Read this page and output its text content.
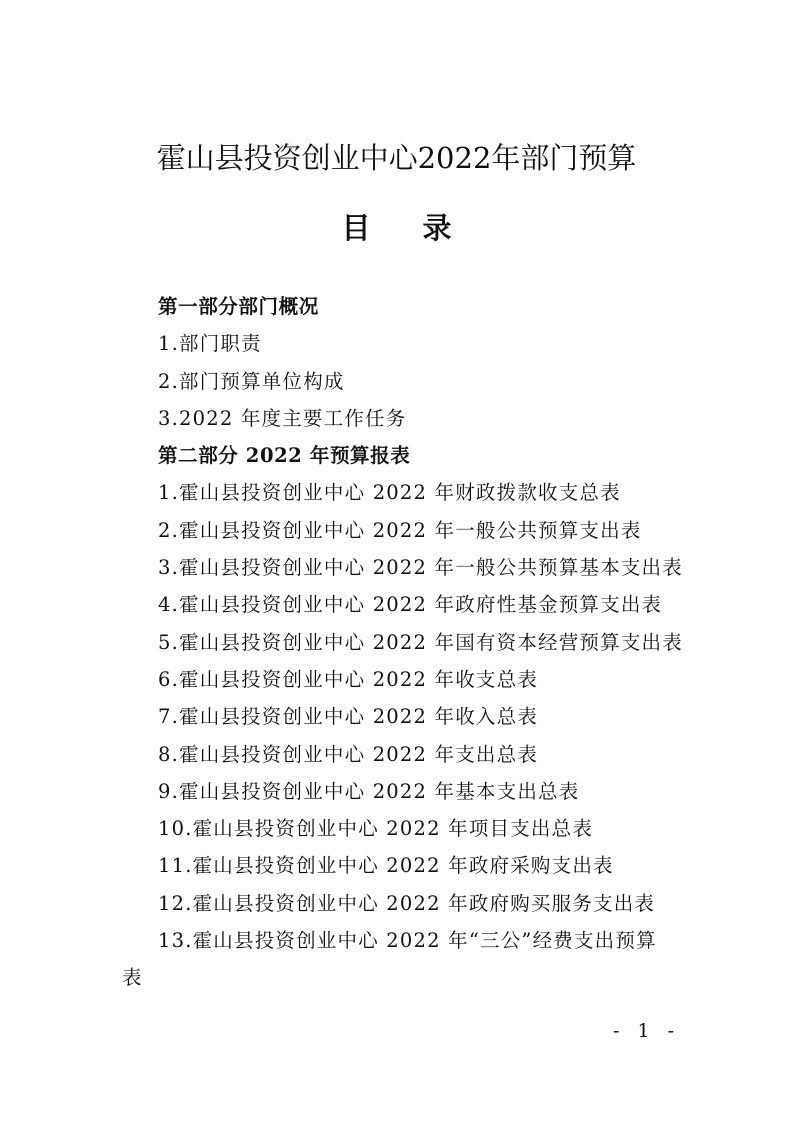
霍山县投资创业中心2022年部门预算
目录
第一部分部门概况
1.部门职责
2.部门预算单位构成
3.2022 年度主要工作任务
第二部分 2022 年预算报表
1.霍山县投资创业中心 2022 年财政拨款收支总表
2.霍山县投资创业中心 2022 年一般公共预算支出表
3.霍山县投资创业中心 2022 年一般公共预算基本支出表
4.霍山县投资创业中心 2022 年政府性基金预算支出表
5.霍山县投资创业中心 2022 年国有资本经营预算支出表
6.霍山县投资创业中心 2022 年收支总表
7.霍山县投资创业中心 2022 年收入总表
8.霍山县投资创业中心 2022 年支出总表
9.霍山县投资创业中心 2022 年基本支出总表
10.霍山县投资创业中心 2022 年项目支出总表
11.霍山县投资创业中心 2022 年政府采购支出表
12.霍山县投资创业中心 2022 年政府购买服务支出表
13.霍山县投资创业中心 2022 年“三公”经费支出预算表
- 1 -
